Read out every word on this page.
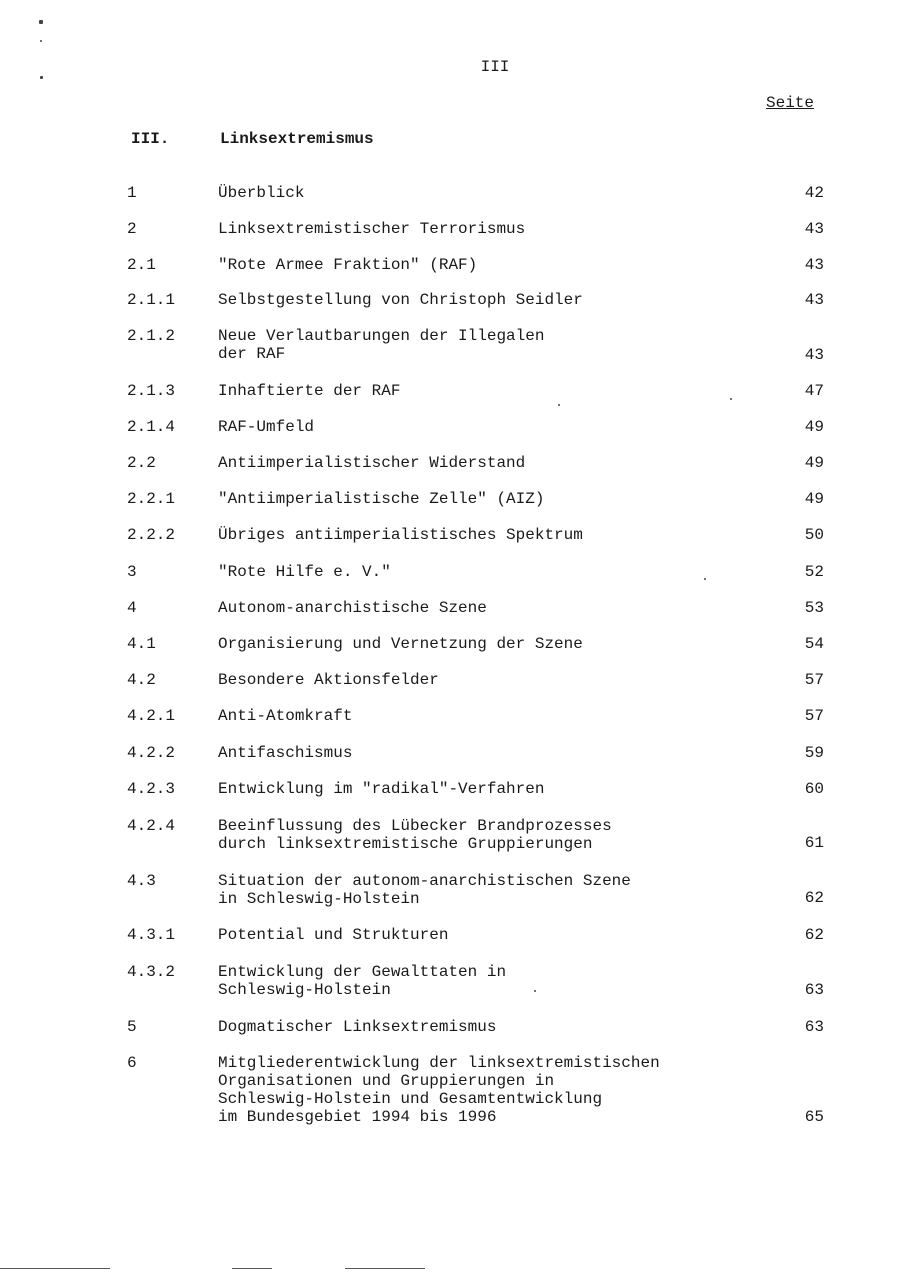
III
Seite
III.	Linksextremismus
1	Überblick	42
2	Linksextremistischer Terrorismus	43
2.1	"Rote Armee Fraktion" (RAF)	43
2.1.1	Selbstgestellung von Christoph Seidler	43
2.1.2	Neue Verlautbarungen der Illegalen
der RAF	43
2.1.3	Inhaftierte der RAF	47
2.1.4	RAF-Umfeld	49
2.2	Antiimperialistischer Widerstand	49
2.2.1	"Antiimperialistische Zelle" (AIZ)	49
2.2.2	Übriges antiimperialistisches Spektrum	50
3	"Rote Hilfe e. V."	52
4	Autonom-anarchistische Szene	53
4.1	Organisierung und Vernetzung der Szene	54
4.2	Besondere Aktionsfelder	57
4.2.1	Anti-Atomkraft	57
4.2.2	Antifaschismus	59
4.2.3	Entwicklung im "radikal"-Verfahren	60
4.2.4	Beeinflussung des Lübecker Brandprozesses
durch linksextremistische Gruppierungen	61
4.3	Situation der autonom-anarchistischen Szene
in Schleswig-Holstein	62
4.3.1	Potential und Strukturen	62
4.3.2	Entwicklung der Gewalttaten in
Schleswig-Holstein	63
5	Dogmatischer Linksextremismus	63
6	Mitgliederentwicklung der linksextremistischen
Organisationen und Gruppierungen in
Schleswig-Holstein und Gesamtentwicklung
im Bundesgebiet 1994 bis 1996	65
